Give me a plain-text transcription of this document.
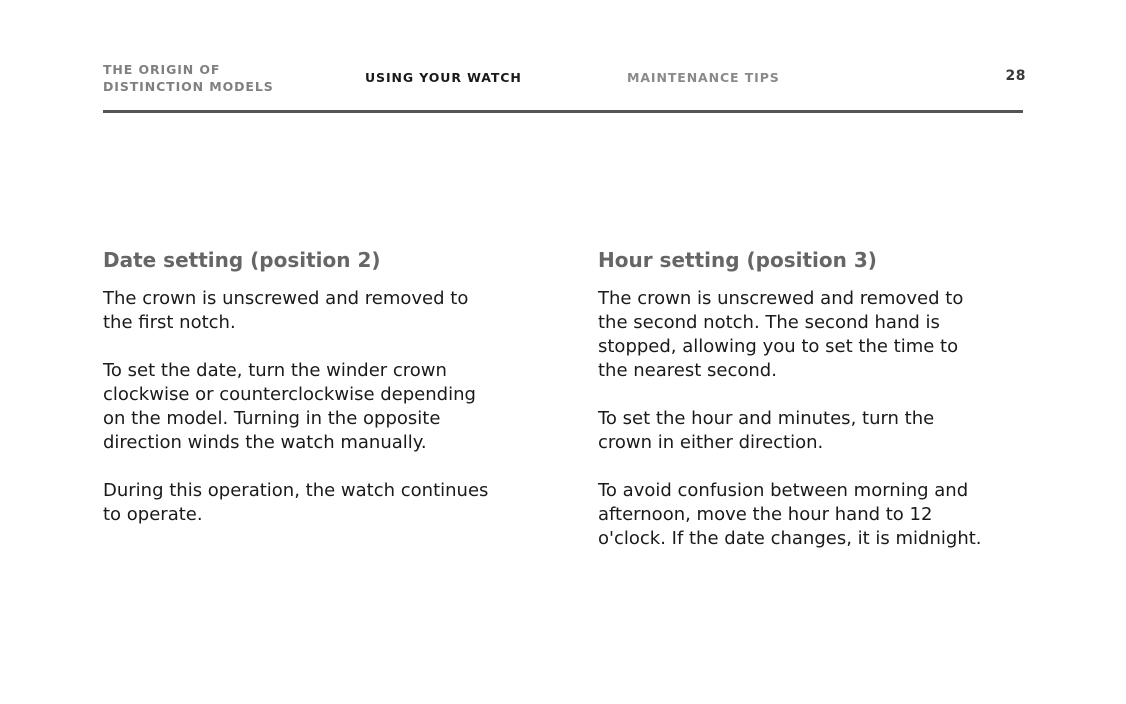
THE ORIGIN OF DISTINCTION MODELS
USING YOUR WATCH	MAINTENANCE TIPS	28
Date setting (position 2)

The crown is unscrewed and removed to the first notch.

To set the date, turn the winder crown clockwise or counterclockwise depending on the model. Turning in the opposite direction winds the watch manually.

During this operation, the watch continues to operate.

Hour setting (position 3)

The crown is unscrewed and removed to the second notch. The second hand is stopped, allowing you to set the time to the nearest second.

To set the hour and minutes, turn the crown in either direction.

To avoid confusion between morning and afternoon, move the hour hand to 12 o'clock. If the date changes, it is midnight.
